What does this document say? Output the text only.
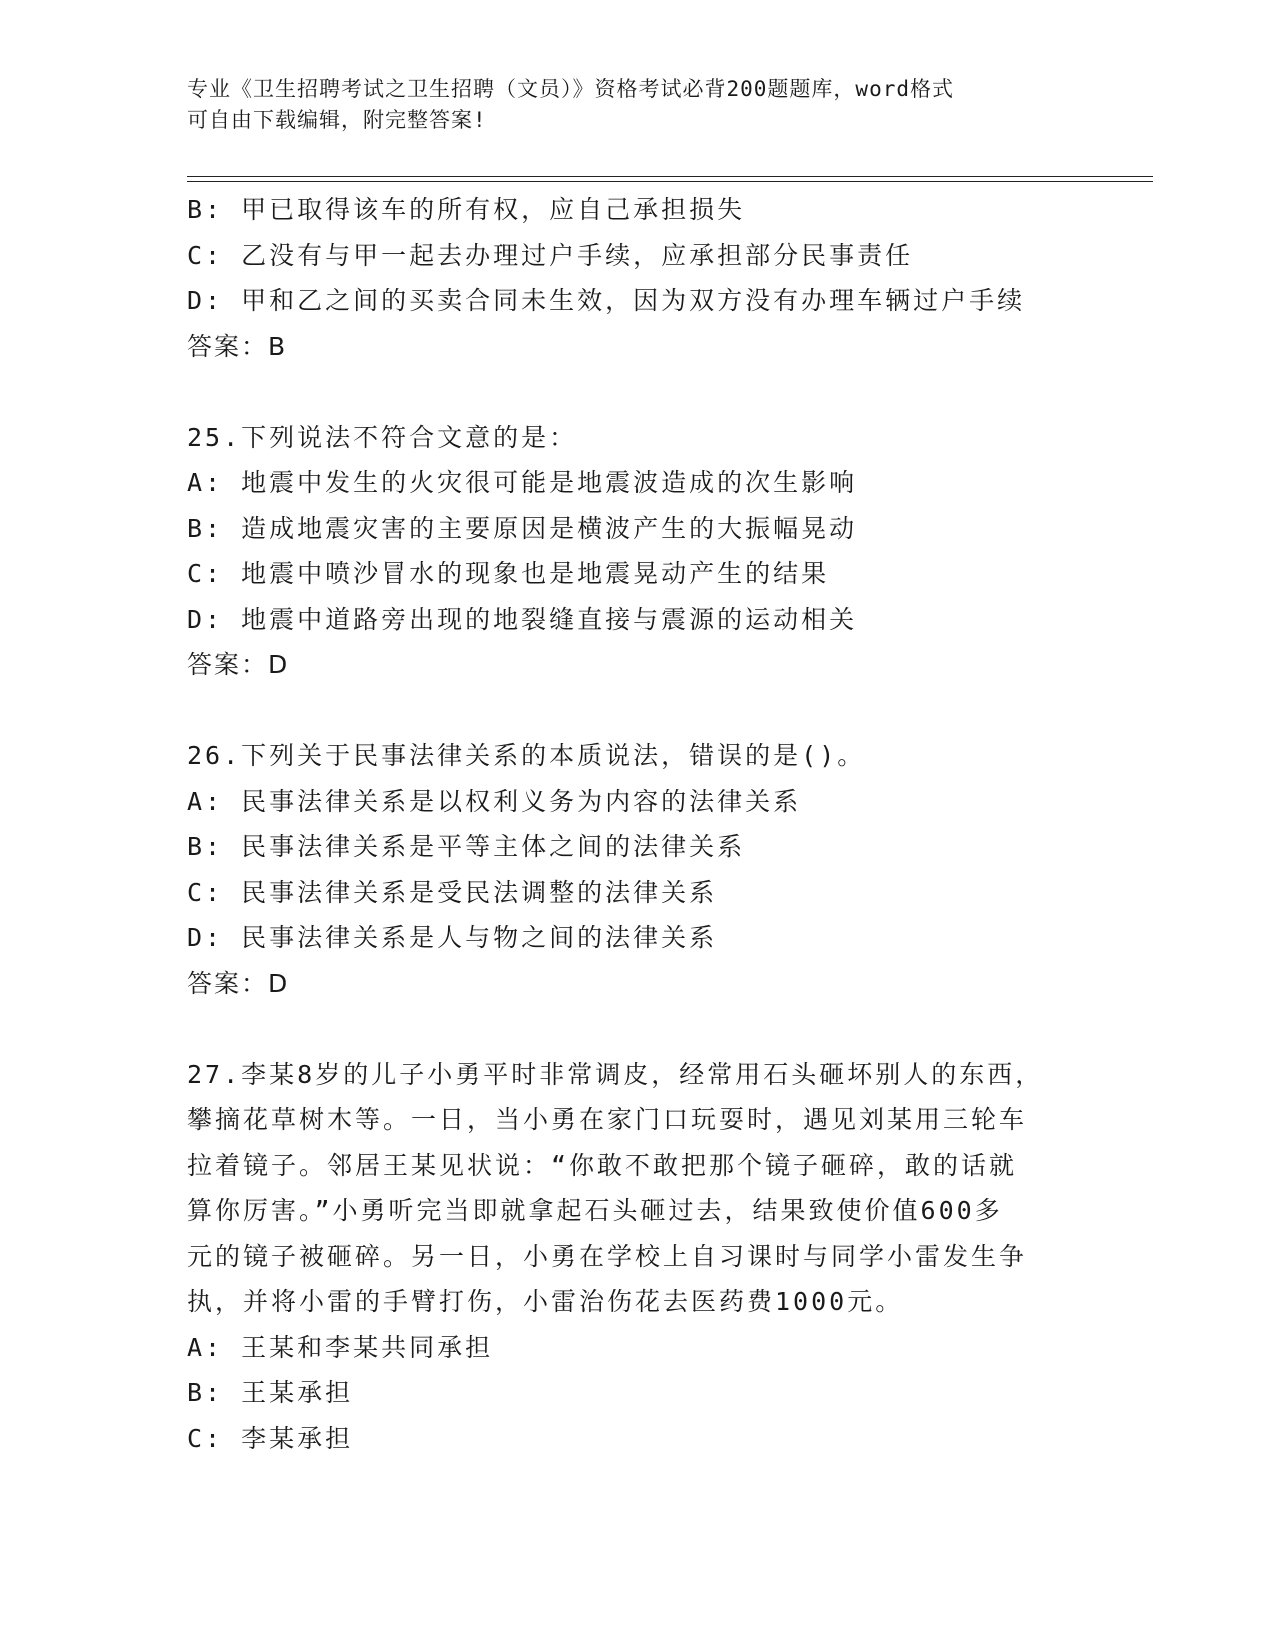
专业《卫生招聘考试之卫生招聘（文员）》资格考试必背200题题库，word格式
可自由下载编辑，附完整答案!
B: 甲已取得该车的所有权，应自己承担损失
C: 乙没有与甲一起去办理过户手续，应承担部分民事责任
D: 甲和乙之间的买卖合同未生效，因为双方没有办理车辆过户手续
答案：B
25.下列说法不符合文意的是：
A: 地震中发生的火灾很可能是地震波造成的次生影响
B: 造成地震灾害的主要原因是横波产生的大振幅晃动
C: 地震中喷沙冒水的现象也是地震晃动产生的结果
D: 地震中道路旁出现的地裂缝直接与震源的运动相关
答案：D
26.下列关于民事法律关系的本质说法，错误的是()。
A: 民事法律关系是以权利义务为内容的法律关系
B: 民事法律关系是平等主体之间的法律关系
C: 民事法律关系是受民法调整的法律关系
D: 民事法律关系是人与物之间的法律关系
答案：D
27.李某8岁的儿子小勇平时非常调皮，经常用石头砸坏别人的东西，
攀摘花草树木等。一日，当小勇在家门口玩耍时，遇见刘某用三轮车
拉着镜子。邻居王某见状说：“你敢不敢把那个镜子砸碎，敢的话就
算你厉害。”小勇听完当即就拿起石头砸过去，结果致使价值600多
元的镜子被砸碎。另一日，小勇在学校上自习课时与同学小雷发生争
执，并将小雷的手臂打伤，小雷治伤花去医药费1000元。
A: 王某和李某共同承担
B: 王某承担
C: 李某承担
